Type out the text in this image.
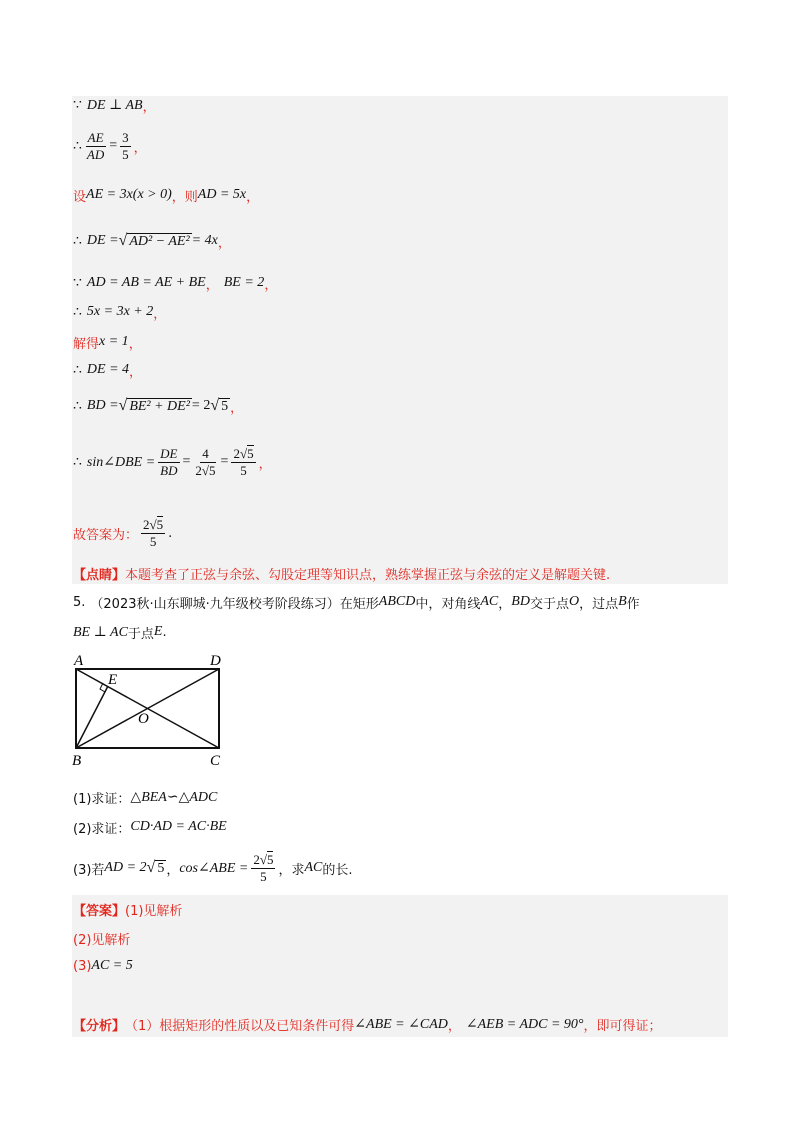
∵ DE ⊥ AB ，
∴ $\frac{AE}{AD} = \frac{3}{5}$ ，
设 AE = 3x(x > 0) ，则 AD = 5x ，
∴ DE = √ AD² − AE² = 4x ，
∵ AD = AB = AE + BE ， BE = 2 ，
∴ 5x = 3x + 2 ，
解得 x = 1 ，
∴ DE = 4 ，
∴ BD = √ BE² + DE² = 2 √ 5 ，
∴ sin∠DBE = $\frac{DE}{BD} = \frac{4}{2√5} = \frac{2√5}{5}$ ，
故答案为： $\frac{2√5}{5}$ .
【点睛】 本题考查了正弦与余弦、勾股定理等知识点，熟练掌握正弦与余弦的定义是解题关键.
5. （2023秋·山东聊城·九年级校考阶段练习） 在矩形 ABCD 中，对角线 AC ， BD 交于点 O ，过点 B 作
BE ⊥ AC 于点 E .
A	D
E
O
B	C
(1)求证： △BEA∽△ADC
(2)求证： CD·AD = AC·BE
(3)若 AD = 2 √ 5 ， cos∠ABE = $\frac{2√5}{5}$ ，求 AC 的长.
【答案】 (1)见解析
(2)见解析
(3) AC = 5
【分析】 （1）根据矩形的性质以及已知条件可得 ∠ABE = ∠CAD ， ∠AEB = ADC = 90° ，即可得证；
